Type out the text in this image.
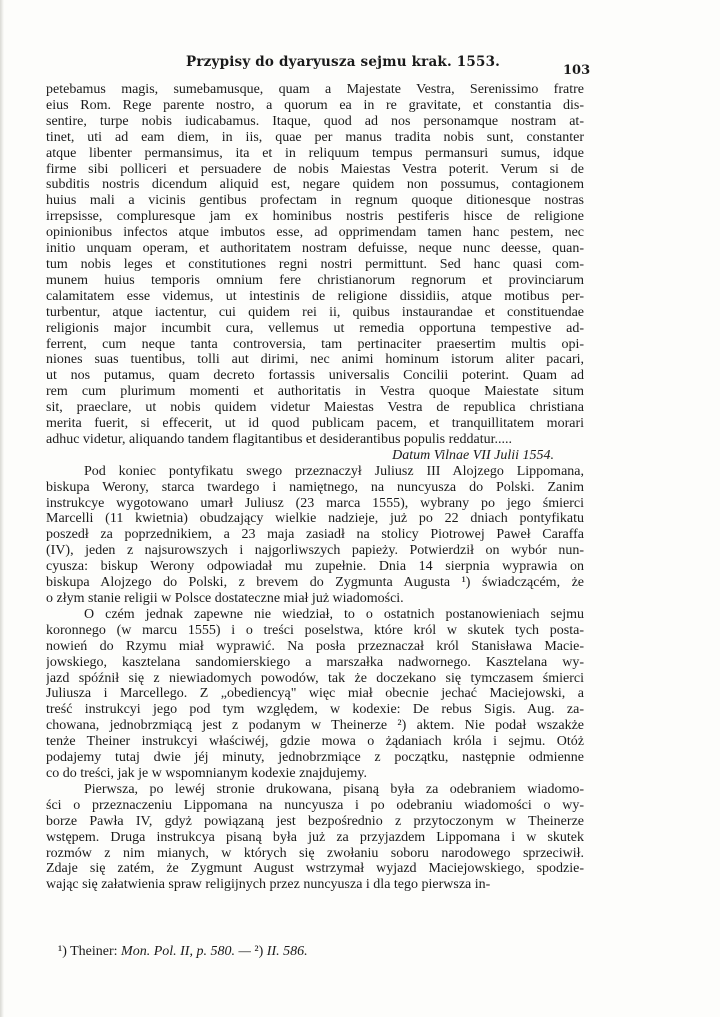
Przypisy do dyaryusza sejmu krak. 1553.
103
petebamus magis, sumebamusque, quam a Majestate Vestra, Serenissimo fratre
eius Rom. Rege parente nostro, a quorum ea in re gravitate, et constantia dis-
sentire, turpe nobis iudicabamus. Itaque, quod ad nos personamque nostram at-
tinet, uti ad eam diem, in iis, quae per manus tradita nobis sunt, constanter
atque libenter permansimus, ita et in reliquum tempus permansuri sumus, idque
firme sibi polliceri et persuadere de nobis Maiestas Vestra poterit. Verum si de
subditis nostris dicendum aliquid est, negare quidem non possumus, contagionem
huius mali a vicinis gentibus profectam in regnum quoque ditionesque nostras
irrepsisse, compluresque jam ex hominibus nostris pestiferis hisce de religione
opinionibus infectos atque imbutos esse, ad opprimendam tamen hanc pestem, nec
initio unquam operam, et authoritatem nostram defuisse, neque nunc deesse, quan-
tum nobis leges et constitutiones regni nostri permittunt. Sed hanc quasi com-
munem huius temporis omnium fere christianorum regnorum et provinciarum
calamitatem esse videmus, ut intestinis de religione dissidiis, atque motibus per-
turbentur, atque iactentur, cui quidem rei ii, quibus instaurandae et constituendae
religionis major incumbit cura, vellemus ut remedia opportuna tempestive ad-
ferrent, cum neque tanta controversia, tam pertinaciter praesertim multis opi-
niones suas tuentibus, tolli aut dirimi, nec animi hominum istorum aliter pacari,
ut nos putamus, quam decreto fortassis universalis Concilii poterint. Quam ad
rem cum plurimum momenti et authoritatis in Vestra quoque Maiestate situm
sit, praeclare, ut nobis quidem videtur Maiestas Vestra de republica christiana
merita fuerit, si effecerit, ut id quod publicam pacem, et tranquillitatem morari
adhuc videtur, aliquando tandem flagitantibus et desiderantibus populis reddatur.....
Datum Vilnae VII Julii 1554.
Pod koniec pontyfikatu swego przeznaczył Juliusz III Alojzego Lippomana,
biskupa Werony, starca twardego i namiętnego, na nuncyusza do Polski. Zanim
instrukcye wygotowano umarł Juliusz (23 marca 1555), wybrany po jego śmierci
Marcelli (11 kwietnia) obudzający wielkie nadzieje, już po 22 dniach pontyfikatu
poszedł za poprzednikiem, a 23 maja zasiadł na stolicy Piotrowej Paweł Caraffa
(IV), jeden z najsurowszych i najgorliwszych papieży. Potwierdził on wybór nun-
cyusza: biskup Werony odpowiadał mu zupełnie. Dnia 14 sierpnia wyprawia on
biskupa Alojzego do Polski, z brevem do Zygmunta Augusta ¹) świadczącém, że
o złym stanie religii w Polsce dostateczne miał już wiadomości.
O czém jednak zapewne nie wiedział, to o ostatnich postanowieniach sejmu
koronnego (w marcu 1555) i o treści poselstwa, które król w skutek tych posta-
nowień do Rzymu miał wyprawić. Na posła przeznaczał król Stanisława Macie-
jowskiego, kasztelana sandomierskiego a marszałka nadwornego. Kasztelana wy-
jazd spóźnił się z niewiadomych powodów, tak że doczekano się tymczasem śmierci
Juliusza i Marcellego. Z „obediencyą" więc miał obecnie jechać Maciejowski, a
treść instrukcyi jego pod tym względem, w kodexie: De rebus Sigis. Aug. za-
chowana, jednobrzmiącą jest z podanym w Theinerze ²) aktem. Nie podał wszakże
tenże Theiner instrukcyi właściwéj, gdzie mowa o żądaniach króla i sejmu. Otóż
podajemy tutaj dwie jéj minuty, jednobrzmiące z początku, następnie odmienne
co do treści, jak je w wspomnianym kodexie znajdujemy.
Pierwsza, po lewéj stronie drukowana, pisaną była za odebraniem wiadomo-
ści o przeznaczeniu Lippomana na nuncyusza i po odebraniu wiadomości o wy-
borze Pawła IV, gdyż powiązaną jest bezpośrednio z przytoczonym w Theinerze
wstępem. Druga instrukcya pisaną była już za przyjazdem Lippomana i w skutek
rozmów z nim mianych, w których się zwołaniu soboru narodowego sprzeciwił.
Zdaje się zatém, że Zygmunt August wstrzymał wyjazd Maciejowskiego, spodzie-
wając się załatwienia spraw religijnych przez nuncyusza i dla tego pierwsza in-
¹) Theiner: Mon. Pol. II, p. 580. — ²) II. 586.
